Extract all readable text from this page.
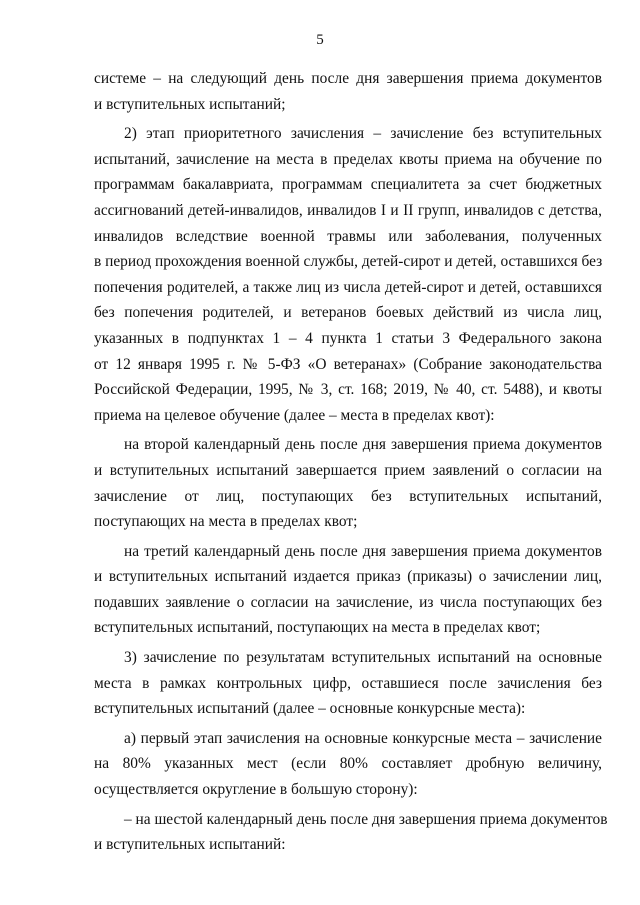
5
системе – на следующий день после дня завершения приема документов
и вступительных испытаний;
2) этап приоритетного зачисления – зачисление без вступительных
испытаний, зачисление на места в пределах квоты приема на обучение по
программам бакалавриата, программам специалитета за счет бюджетных
ассигнований детей-инвалидов, инвалидов I и II групп, инвалидов с детства,
инвалидов вследствие военной травмы или заболевания, полученных
в период прохождения военной службы, детей-сирот и детей, оставшихся без
попечения родителей, а также лиц из числа детей-сирот и детей, оставшихся
без попечения родителей, и ветеранов боевых действий из числа лиц,
указанных в подпунктах 1 – 4 пункта 1 статьи 3 Федерального закона
от 12 января 1995 г. № 5-ФЗ «О ветеранах» (Собрание законодательства
Российской Федерации, 1995, № 3, ст. 168; 2019, № 40, ст. 5488), и квоты
приема на целевое обучение (далее – места в пределах квот):
на второй календарный день после дня завершения приема документов
и вступительных испытаний завершается прием заявлений о согласии на
зачисление от лиц, поступающих без вступительных испытаний,
поступающих на места в пределах квот;
на третий календарный день после дня завершения приема документов
и вступительных испытаний издается приказ (приказы) о зачислении лиц,
подавших заявление о согласии на зачисление, из числа поступающих без
вступительных испытаний, поступающих на места в пределах квот;
3) зачисление по результатам вступительных испытаний на основные
места в рамках контрольных цифр, оставшиеся после зачисления без
вступительных испытаний (далее – основные конкурсные места):
а) первый этап зачисления на основные конкурсные места – зачисление
на 80% указанных мест (если 80% составляет дробную величину,
осуществляется округление в большую сторону):
– на шестой календарный день после дня завершения приема документов
и вступительных испытаний:
